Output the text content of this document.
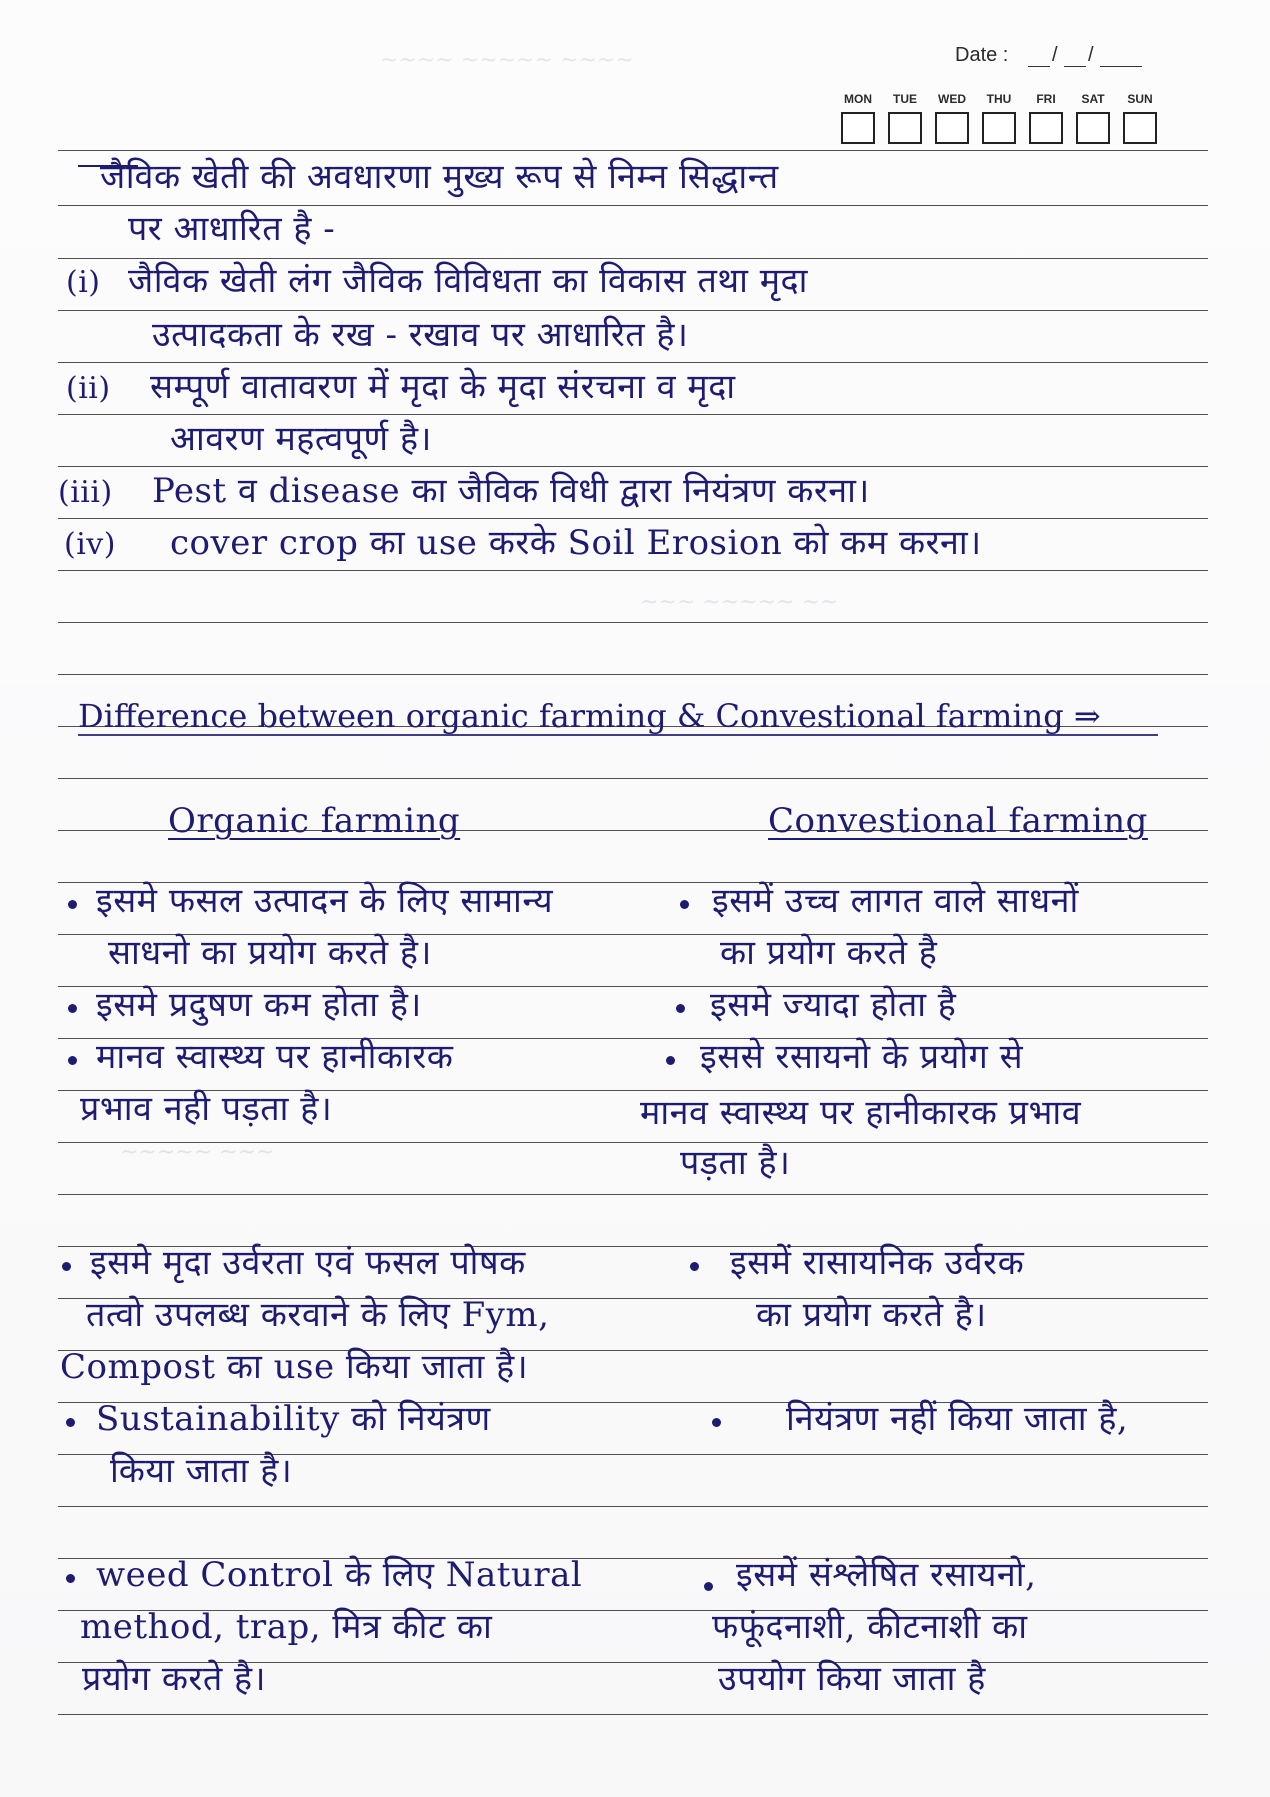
Date : / /
MON TUE WED THU FRI SAT SUN
~~~~ ~~~~~ ~~~~
~~~ ~~~~~ ~~
~~~~~ ~~~
जैविक खेती की अवधारणा मुख्य रूप से निम्न सिद्धान्त
पर आधारित है -
(i) जैविक खेती लंग जैविक विविधता का विकास तथा मृदा
उत्पादकता के रख - रखाव पर आधारित है।
(ii) सम्पूर्ण वातावरण में मृदा के मृदा संरचना व मृदा
आवरण महत्वपूर्ण है।
(iii) Pest व disease का जैविक विधी द्वारा नियंत्रण करना।
(iv) cover crop का use करके Soil Erosion को कम करना।
Difference between organic farming & Convestional farming ⇒
Organic farming	Convestional farming
इसमे फसल उत्पादन के लिए सामान्य
साधनो का प्रयोग करते है।
इसमें उच्च लागत वाले साधनों
का प्रयोग करते है
इसमे प्रदुषण कम होता है।	इसमे ज्यादा होता है
मानव स्वास्थ्य पर हानीकारक
प्रभाव नही पड़ता है।
इससे रसायनो के प्रयोग से
मानव स्वास्थ्य पर हानीकारक प्रभाव
पड़ता है।
इसमे मृदा उर्वरता एवं फसल पोषक
तत्वो उपलब्ध करवाने के लिए Fym,
Compost का use किया जाता है।
इसमें रासायनिक उर्वरक
का प्रयोग करते है।
Sustainability को नियंत्रण
किया जाता है।
नियंत्रण नहीं किया जाता है,
weed Control के लिए Natural
method, trap, मित्र कीट का
प्रयोग करते है।
इसमें संश्लेषित रसायनो,
फफूंदनाशी, कीटनाशी का
उपयोग किया जाता है
